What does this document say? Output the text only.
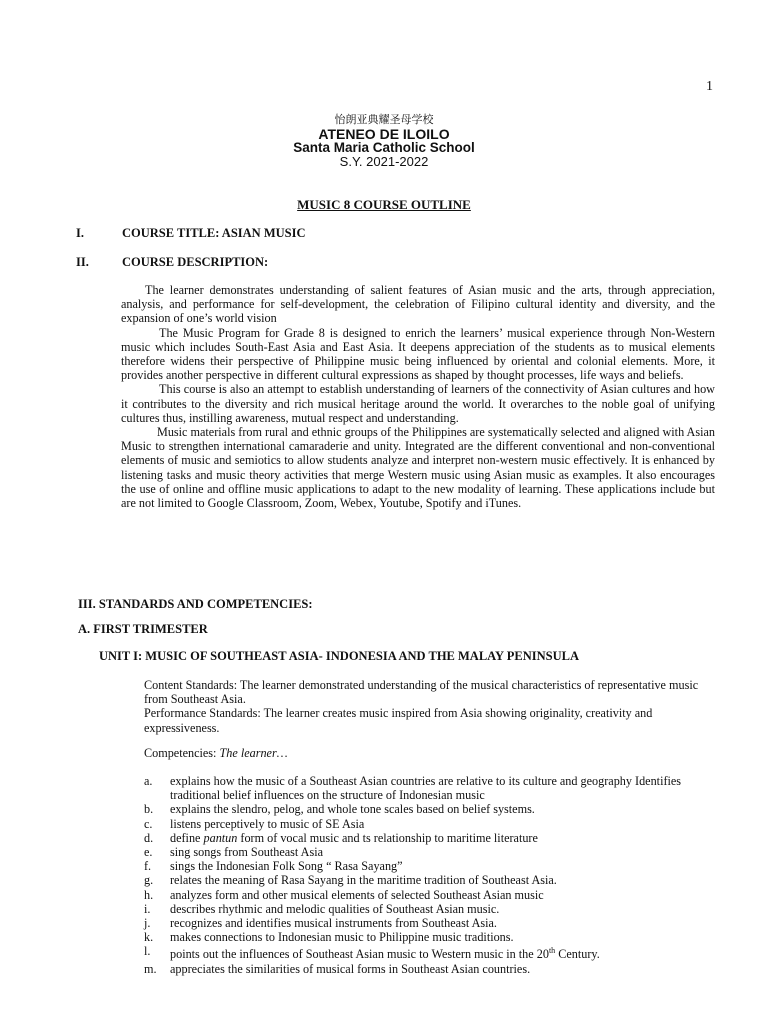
1
怡朗亚典耀圣母学校
ATENEO DE ILOILO
Santa Maria Catholic School
S.Y. 2021-2022
MUSIC 8 COURSE OUTLINE
I.	COURSE TITLE: ASIAN MUSIC
II.	COURSE DESCRIPTION:

The learner demonstrates understanding of salient features of Asian music and the arts, through appreciation, analysis, and performance for self-development, the celebration of Filipino cultural identity and diversity, and the expansion of one’s world vision

The Music Program for Grade 8 is designed to enrich the learners’ musical experience through Non-Western music which includes South-East Asia and East Asia. It deepens appreciation of the students as to musical elements therefore widens their perspective of Philippine music being influenced by oriental and colonial elements. More, it provides another perspective in different cultural expressions as shaped by thought processes, life ways and beliefs.

This course is also an attempt to establish understanding of learners of the connectivity of Asian cultures and how it contributes to the diversity and rich musical heritage around the world. It overarches to the noble goal of unifying cultures thus, instilling awareness, mutual respect and understanding.

Music materials from rural and ethnic groups of the Philippines are systematically selected and aligned with Asian Music to strengthen international camaraderie and unity. Integrated are the different conventional and non-conventional elements of music and semiotics to allow students analyze and interpret non-western music effectively. It is enhanced by listening tasks and music theory activities that merge Western music using Asian music as examples. It also encourages the use of online and offline music applications to adapt to the new modality of learning. These applications include but are not limited to Google Classroom, Zoom, Webex, Youtube, Spotify and iTunes.

III. STANDARDS AND COMPETENCIES:
A. FIRST TRIMESTER
UNIT I: MUSIC OF SOUTHEAST ASIA- INDONESIA AND THE MALAY PENINSULA

Content Standards: The learner demonstrated understanding of the musical characteristics of representative music from Southeast Asia.

Performance Standards: The learner creates music inspired from Asia showing originality, creativity and expressiveness.

Competencies: The learner…
a.	explains how the music of a Southeast Asian countries are relative to its culture and geography Identifies traditional belief influences on the structure of Indonesian music
b.	explains the slendro, pelog, and whole tone scales based on belief systems.
c.	listens perceptively to music of SE Asia
d.	define pantun form of vocal music and ts relationship to maritime literature
e.	sing songs from Southeast Asia
f.	sings the Indonesian Folk Song “ Rasa Sayang”
g.	relates the meaning of Rasa Sayang in the maritime tradition of Southeast Asia.
h.	analyzes form and other musical elements of selected Southeast Asian music
i.	describes rhythmic and melodic qualities of Southeast Asian music.
j.	recognizes and identifies musical instruments from Southeast Asia.
k.	makes connections to Indonesian music to Philippine music traditions.
l.	points out the influences of Southeast Asian music to Western music in the 20th Century.
m.	appreciates the similarities of musical forms in Southeast Asian countries.
